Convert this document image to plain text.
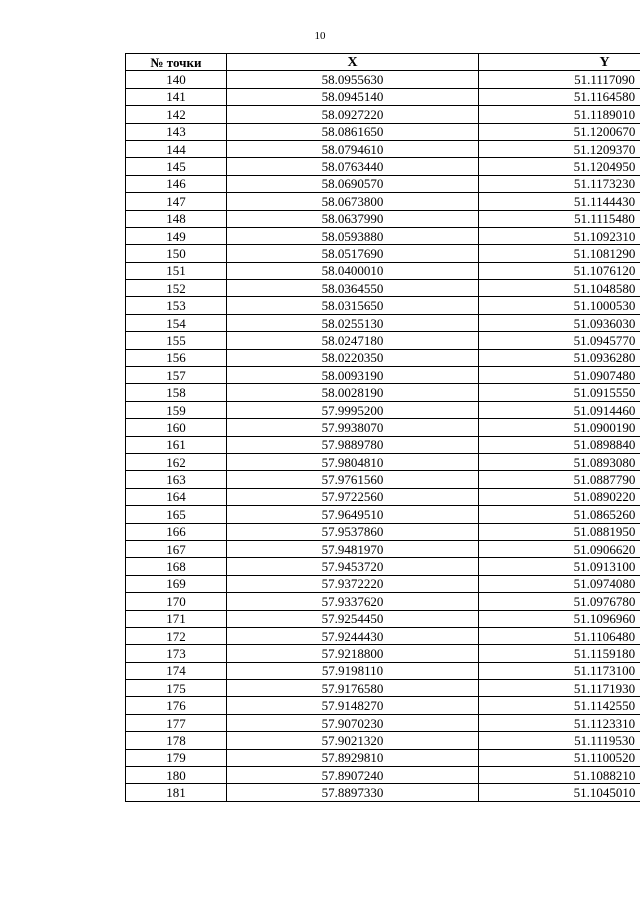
10
№ точки	X	Y
140	58.0955630	51.1117090
141	58.0945140	51.1164580
142	58.0927220	51.1189010
143	58.0861650	51.1200670
144	58.0794610	51.1209370
145	58.0763440	51.1204950
146	58.0690570	51.1173230
147	58.0673800	51.1144430
148	58.0637990	51.1115480
149	58.0593880	51.1092310
150	58.0517690	51.1081290
151	58.0400010	51.1076120
152	58.0364550	51.1048580
153	58.0315650	51.1000530
154	58.0255130	51.0936030
155	58.0247180	51.0945770
156	58.0220350	51.0936280
157	58.0093190	51.0907480
158	58.0028190	51.0915550
159	57.9995200	51.0914460
160	57.9938070	51.0900190
161	57.9889780	51.0898840
162	57.9804810	51.0893080
163	57.9761560	51.0887790
164	57.9722560	51.0890220
165	57.9649510	51.0865260
166	57.9537860	51.0881950
167	57.9481970	51.0906620
168	57.9453720	51.0913100
169	57.9372220	51.0974080
170	57.9337620	51.0976780
171	57.9254450	51.1096960
172	57.9244430	51.1106480
173	57.9218800	51.1159180
174	57.9198110	51.1173100
175	57.9176580	51.1171930
176	57.9148270	51.1142550
177	57.9070230	51.1123310
178	57.9021320	51.1119530
179	57.8929810	51.1100520
180	57.8907240	51.1088210
181	57.8897330	51.1045010
